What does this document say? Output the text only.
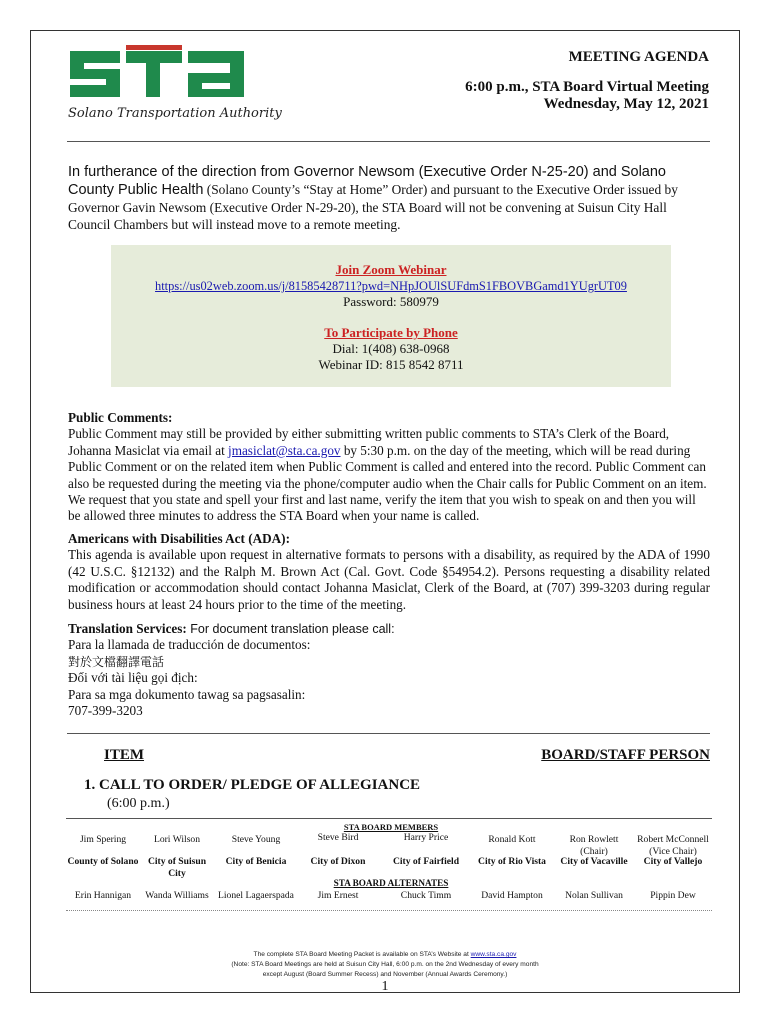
Solano Transportation Authority
MEETING AGENDA
6:00 p.m., STA Board Virtual Meeting
Wednesday, May 12, 2021
In furtherance of the direction from Governor Newsom (Executive Order N-25-20) and Solano County Public Health (Solano County’s “Stay at Home” Order) and pursuant to the Executive Order issued by Governor Gavin Newsom (Executive Order N-29-20), the STA Board will not be convening at Suisun City Hall Council Chambers but will instead move to a remote meeting.
Join Zoom Webinar
https://us02web.zoom.us/j/81585428711?pwd=NHpJOUlSUFdmS1FBOVBGamd1YUgrUT09
Password: 580979
To Participate by Phone
Dial: 1(408) 638-0968
Webinar ID: 815 8542 8711
Public Comments:
Public Comment may still be provided by either submitting written public comments to STA’s Clerk of the Board,
Johanna Masiclat via email at jmasiclat@sta.ca.gov by 5:30 p.m. on the day of the meeting, which will be read during
Public Comment or on the related item when Public Comment is called and entered into the record. Public Comment can also be requested during the meeting via the phone/computer audio when the Chair calls for Public Comment on an item. We request that you state and spell your first and last name, verify the item that you wish to speak on and then you will be allowed three minutes to address the STA Board when your name is called.
Americans with Disabilities Act (ADA):
This agenda is available upon request in alternative formats to persons with a disability, as required by the ADA of 1990 (42 U.S.C. §12132) and the Ralph M. Brown Act (Cal. Govt. Code §54954.2). Persons requesting a disability related modification or accommodation should contact Johanna Masiclat, Clerk of the Board, at (707) 399-3203 during regular business hours at least 24 hours prior to the time of the meeting.
Translation Services: For document translation please call:
Para la llamada de traducción de documentos:
對於文檔翻譯電話
Đối với tài liệu gọi địch:
Para sa mga dokumento tawag sa pagsasalin:
707-399-3203
ITEM	BOARD/STAFF PERSON
1. CALL TO ORDER/ PLEDGE OF ALLEGIANCE
(6:00 p.m.)
STA BOARD MEMBERS
STA BOARD ALTERNATES
Jim Spering
County of Solano
Erin Hannigan
Lori Wilson
City of Suisun City
Wanda Williams
Steve Young
City of Benicia
Lionel Lagaerspada
Steve Bird
City of Dixon
Jim Ernest
Harry Price
City of Fairfield
Chuck Timm
Ronald Kott
City of Rio Vista
David Hampton
Ron Rowlett
(Chair)
City of Vacaville
Nolan Sullivan
Robert McConnell
(Vice Chair)
City of Vallejo
Pippin Dew
The complete STA Board Meeting Packet is available on STA’s Website at www.sta.ca.gov
(Note: STA Board Meetings are held at Suisun City Hall, 6:00 p.m. on the 2nd Wednesday of every month
except August (Board Summer Recess) and November (Annual Awards Ceremony.)
1
